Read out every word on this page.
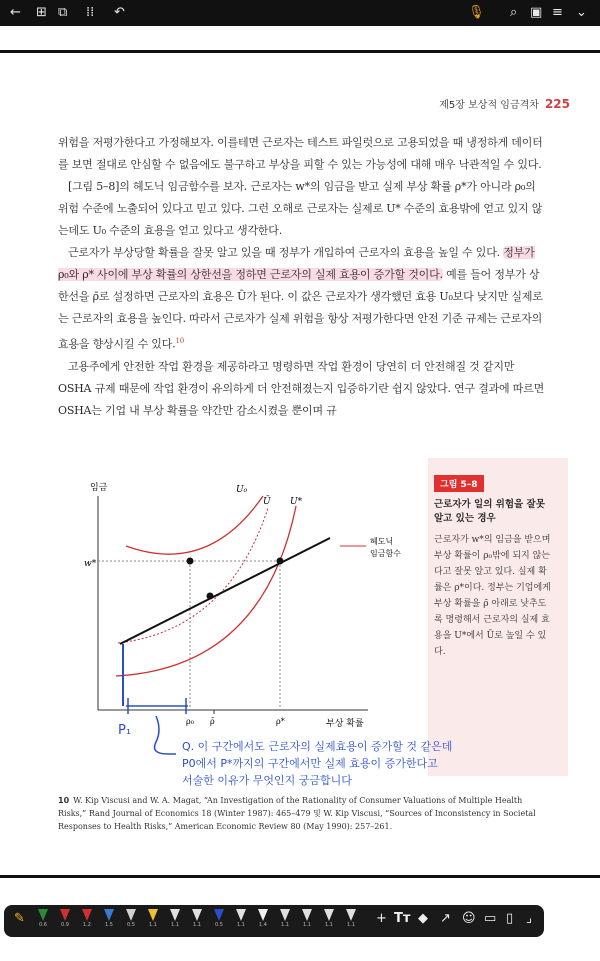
← ⊞ ⧉ ⁞⁞ ↶	🎙 ⌕ ▣ ≡ ⌄
제5장 보상적 임금격차 225

위험을 저평가한다고 가정해보자. 이를테면 근로자는 테스트 파일럿으로 고용되었을 때 냉정하게 데이터를 보면 절대로 안심할 수 없음에도 불구하고 부상을 피할 수 있는 가능성에 대해 매우 낙관적일 수 있다.

[그림 5–8]의 헤도닉 임금함수를 보자. 근로자는 w*의 임금을 받고 실제 부상 확률 ρ*가 아니라 ρ₀의 위험 수준에 노출되어 있다고 믿고 있다. 그런 오해로 근로자는 실제로 U* 수준의 효용밖에 얻고 있지 않는데도 U₀ 수준의 효용을 얻고 있다고 생각한다.

근로자가 부상당할 확률을 잘못 알고 있을 때 정부가 개입하여 근로자의 효용을 높일 수 있다. 정부가 ρ₀와 ρ* 사이에 부상 확률의 상한선을 정하면 근로자의 실제 효용이 증가할 것이다. 예를 들어 정부가 상한선을 ρ̄로 설정하면 근로자의 효용은 Ū가 된다. 이 값은 근로자가 생각했던 효용 U₀보다 낮지만 실제로는 근로자의 효용을 높인다. 따라서 근로자가 실제 위험을 항상 저평가한다면 안전 기준 규제는 근로자의 효용을 향상시킬 수 있다.$^{10}$

고용주에게 안전한 작업 환경을 제공하라고 명령하면 작업 환경이 당연히 더 안전해질 것 같지만 OSHA 규제 때문에 작업 환경이 유의하게 더 안전해졌는지 입증하기란 쉽지 않았다. 연구 결과에 따르면 OSHA는 기업 내 부상 확률을 약간만 감소시켰을 뿐이며 규

임금
부상 확률
w*
U₀
Ū U*
헤도닉
임금함수
ρ₀ ρ̄	ρ*
P₁
그림 5–8
근로자가 일의 위험을 잘못 알고 있는 경우
근로자가 w*의 임금을 받으며 부상 확률이 ρ₀밖에 되지 않는다고 잘못 알고 있다. 실제 확률은 ρ*이다. 정부는 기업에게 부상 확률을 ρ̄ 아래로 낮추도록 명령해서 근로자의 실제 효용을 U*에서 Ū로 높일 수 있다.
Q. 이 구간에서도 근로자의 실제효용이 증가할 것 같은데
P0에서 P*까지의 구간에서만 실제 효용이 증가한다고
서술한 이유가 무엇인지 궁금합니다
10 W. Kip Viscusi and W. A. Magat, “An Investigation of the Rationality of Consumer Valuations of Multiple Health Risks,” Rand Journal of Economics 18 (Winter 1987): 465–479 및 W. Kip Viscusi, “Sources of Inconsistency in Societal Responses to Health Risks,” American Economic Review 80 (May 1990): 257–261.
✎	0.6	0.9	1.2	1.5	0.5	1.1	1.1	1.1	0.5	1.1	1.4	1.1	1.1	1.1	1.1	+ Tт ◆ ↗ ☺ ▭ ▯ ⌟
